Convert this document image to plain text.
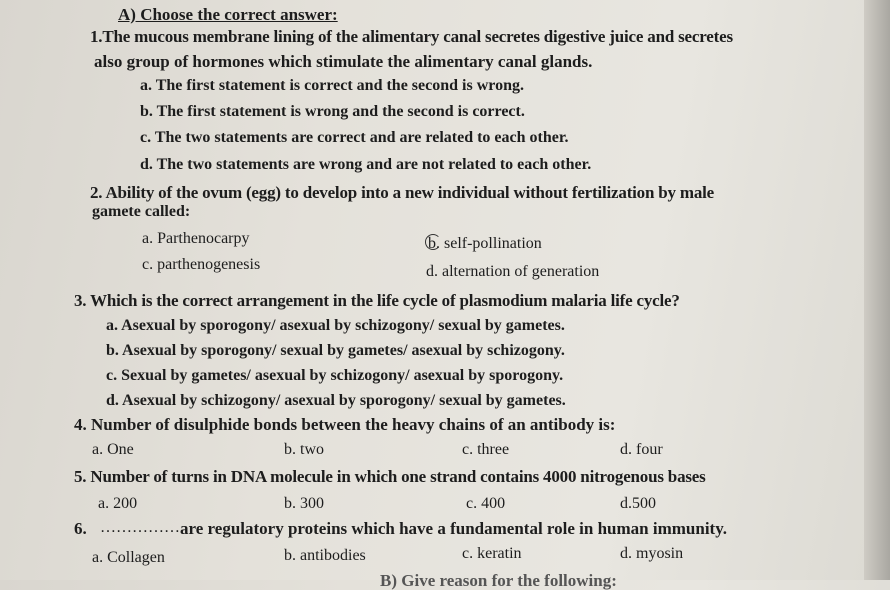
A) Choose the correct answer:
1.The mucous membrane lining of the alimentary canal secretes digestive juice and secretes
also group of hormones which stimulate the alimentary canal glands.
a. The first statement is correct and the second is wrong.
b. The first statement is wrong and the second is correct.
c. The two statements are correct and are related to each other.
d. The two statements are wrong and are not related to each other.
2. Ability of the ovum (egg) to develop into a new individual without fertilization by male
gamete called:
a. Parthenocarpy	b. self-pollination
c. parthenogenesis	d. alternation of generation
3. Which is the correct arrangement in the life cycle of plasmodium malaria life cycle?
a. Asexual by sporogony/ asexual by schizogony/ sexual by gametes.
b. Asexual by sporogony/ sexual by gametes/ asexual by schizogony.
c. Sexual by gametes/ asexual by schizogony/ asexual by sporogony.
d. Asexual by schizogony/ asexual by sporogony/ sexual by gametes.
4. Number of disulphide bonds between the heavy chains of an antibody is:
a. One	b. two	c. three	d. four
5. Number of turns in DNA molecule in which one strand contains 4000 nitrogenous bases
a. 200	b. 300	c. 400	d.500
6. …………… are regulatory proteins which have a fundamental role in human immunity.
a. Collagen	b. antibodies	c. keratin	d. myosin
B) Give reason for the following:
